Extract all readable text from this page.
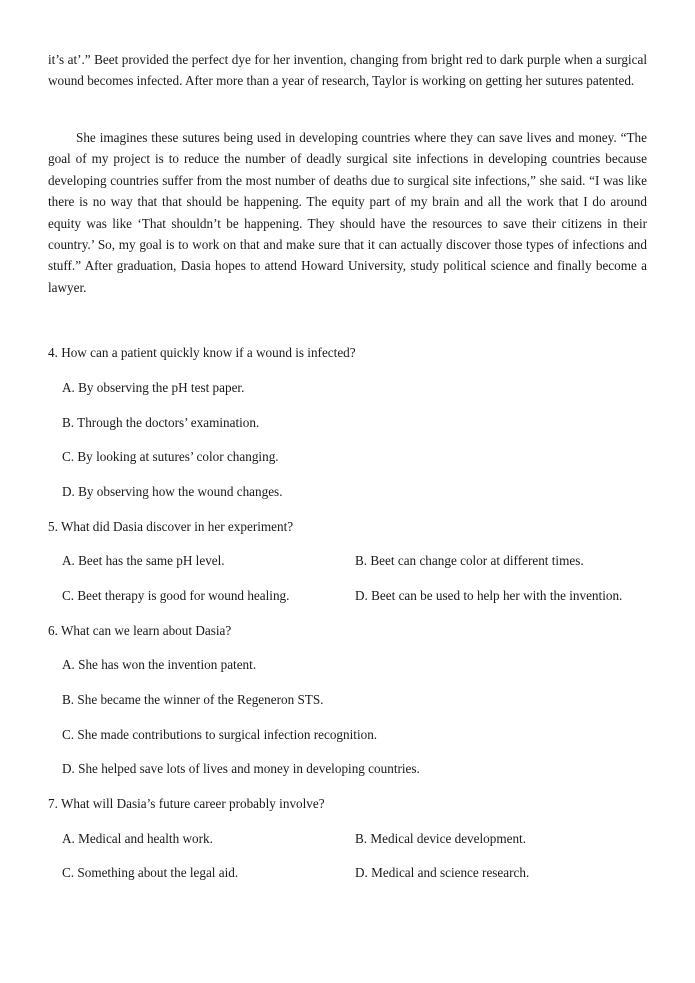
it’s at’.” Beet provided the perfect dye for her invention, changing from bright red to dark purple when a surgical wound becomes infected. After more than a year of research, Taylor is working on getting her sutures patented.

She imagines these sutures being used in developing countries where they can save lives and money. “The goal of my project is to reduce the number of deadly surgical site infections in developing countries because developing countries suffer from the most number of deaths due to surgical site infections,” she said. “I was like there is no way that that should be happening. The equity part of my brain and all the work that I do around equity was like ‘That shouldn’t be happening. They should have the resources to save their citizens in their country.’ So, my goal is to work on that and make sure that it can actually discover those types of infections and stuff.” After graduation, Dasia hopes to attend Howard University, study political science and finally become a lawyer.

4. How can a patient quickly know if a wound is infected?
A. By observing the pH test paper.
B. Through the doctors’ examination.
C. By looking at sutures’ color changing.
D. By observing how the wound changes.
5. What did Dasia discover in her experiment?
A. Beet has the same pH level.	B. Beet can change color at different times.
C. Beet therapy is good for wound healing.	D. Beet can be used to help her with the invention.
6. What can we learn about Dasia?
A. She has won the invention patent.
B. She became the winner of the Regeneron STS.
C. She made contributions to surgical infection recognition.
D. She helped save lots of lives and money in developing countries.
7. What will Dasia’s future career probably involve?
A. Medical and health work.	B. Medical device development.
C. Something about the legal aid.	D. Medical and science research.
